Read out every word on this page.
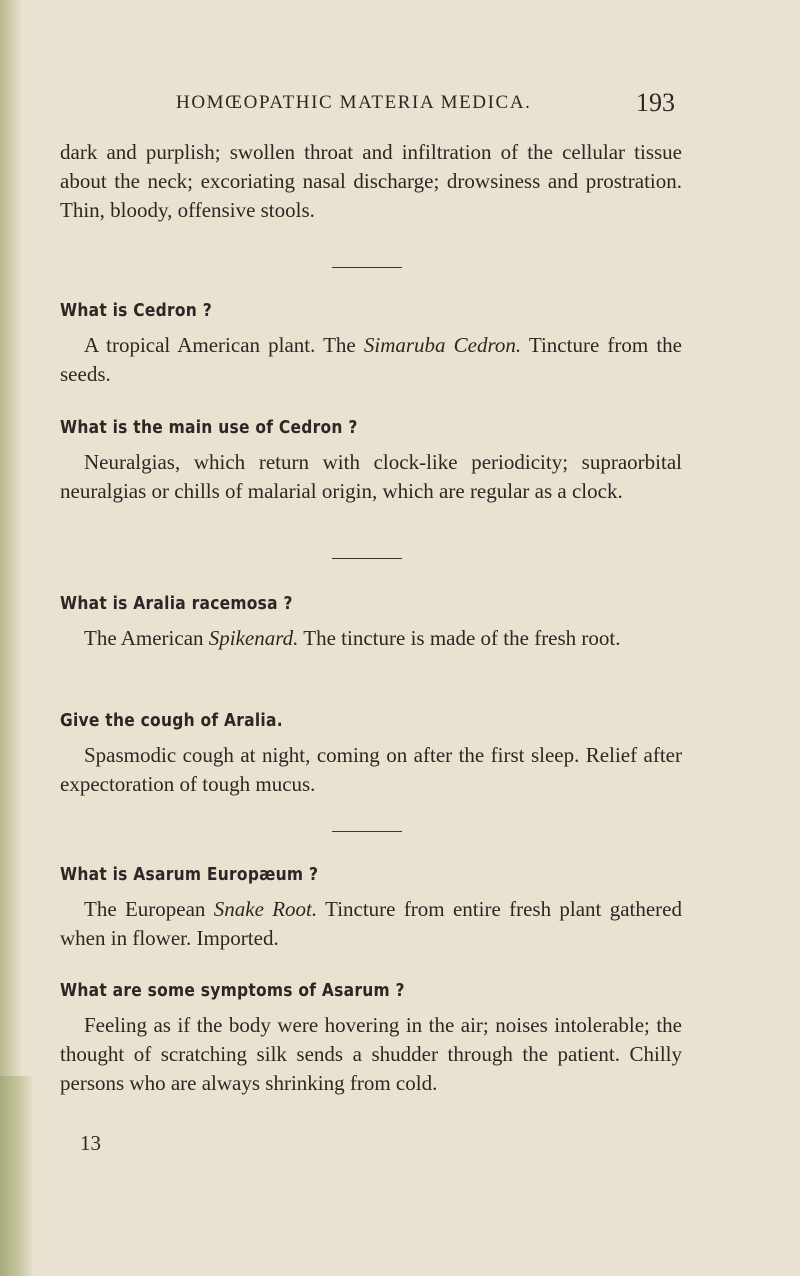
HOMŒOPATHIC MATERIA MEDICA.	193

dark and purplish; swollen throat and infiltration of the cellular tissue about the neck; excoriating nasal discharge; drowsiness and prostration. Thin, bloody, offensive stools.

What is Cedron ?

A tropical American plant. The Simaruba Cedron. Tincture from the seeds.

What is the main use of Cedron ?

Neuralgias, which return with clock-like periodicity; supraorbital neuralgias or chills of malarial origin, which are regular as a clock.

What is Aralia racemosa ?

The American Spikenard. The tincture is made of the fresh root.

Give the cough of Aralia.

Spasmodic cough at night, coming on after the first sleep. Relief after expectoration of tough mucus.

What is Asarum Europæum ?

The European Snake Root. Tincture from entire fresh plant gathered when in flower. Imported.

What are some symptoms of Asarum ?

Feeling as if the body were hovering in the air; noises intolerable; the thought of scratching silk sends a shudder through the patient. Chilly persons who are always shrinking from cold.

13
